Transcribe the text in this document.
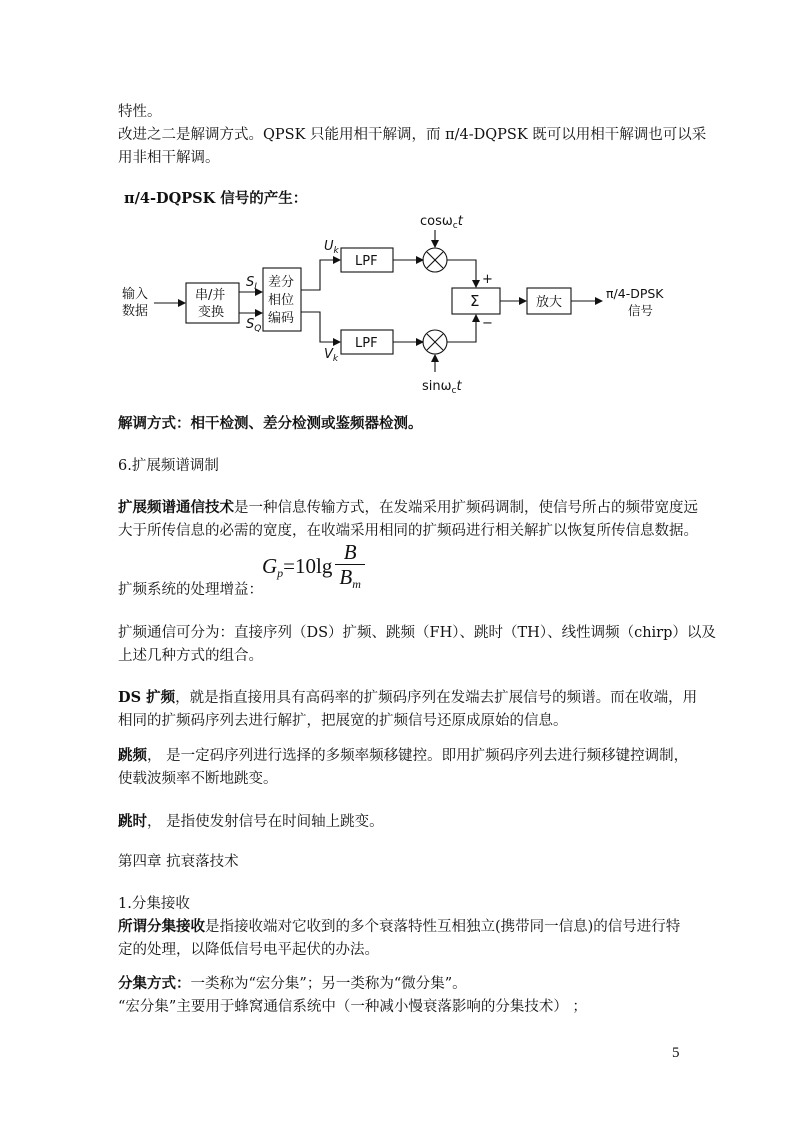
特性。
改进之二是解调方式。QPSK 只能用相干解调，而 π/4-DQPSK 既可以用相干解调也可以采
用非相干解调。
π/4-DQPSK 信号的产生：
输入
数据
串/并
变换
$S_I$
$S_Q$
差分
相位
编码
$U_k$
$V_k$
LPF
LPF
cosω$_c$t
sinω$_c$t
+
−
Σ	放大
π/4-DPSK
信号
解调方式：相干检测、差分检测或鉴频器检测。
6.扩展频谱调制

扩展频谱通信技术是一种信息传输方式，在发端采用扩频码调制，使信号所占的频带宽度远

大于所传信息的必需的宽度，在收端采用相同的扩频码进行相关解扩以恢复所传信息数据。

$G_p=10\lg \frac{B}{B_m}$
扩频系统的处理增益：

扩频通信可分为：直接序列（DS）扩频、跳频（FH）、跳时（TH）、线性调频（chirp）以及

上述几种方式的组合。

DS 扩频，就是指直接用具有高码率的扩频码序列在发端去扩展信号的频谱。而在收端，用

相同的扩频码序列去进行解扩，把展宽的扩频信号还原成原始的信息。

跳频， 是一定码序列进行选择的多频率频移键控。即用扩频码序列去进行频移键控调制，

使载波频率不断地跳变。

跳时， 是指使发射信号在时间轴上跳变。

第四章 抗衰落技术
1.分集接收

所谓分集接收是指接收端对它收到的多个衰落特性互相独立(携带同一信息)的信号进行特

定的处理，以降低信号电平起伏的办法。

分集方式：一类称为“宏分集”；另一类称为“微分集”。

“宏分集”主要用于蜂窝通信系统中（一种减小慢衰落影响的分集技术） ；

5
